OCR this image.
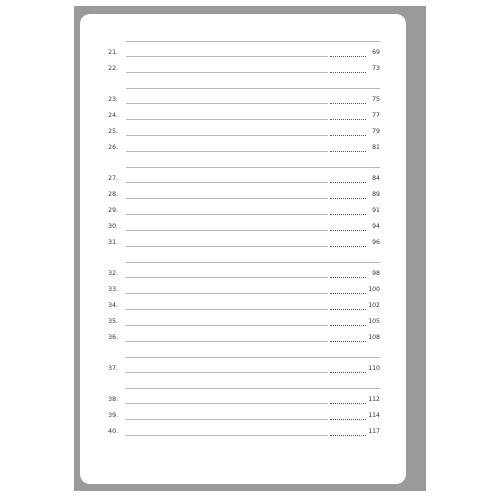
21.	69
22.	73
23.	75
24.	77
25.	79
26.	81
27.	84
28.	89
29.	91
30.	94
31.	96
32.	98
33.	100
34.	102
35.	105
36.	108
37.	110
38.	112
39.	114
40.	117
